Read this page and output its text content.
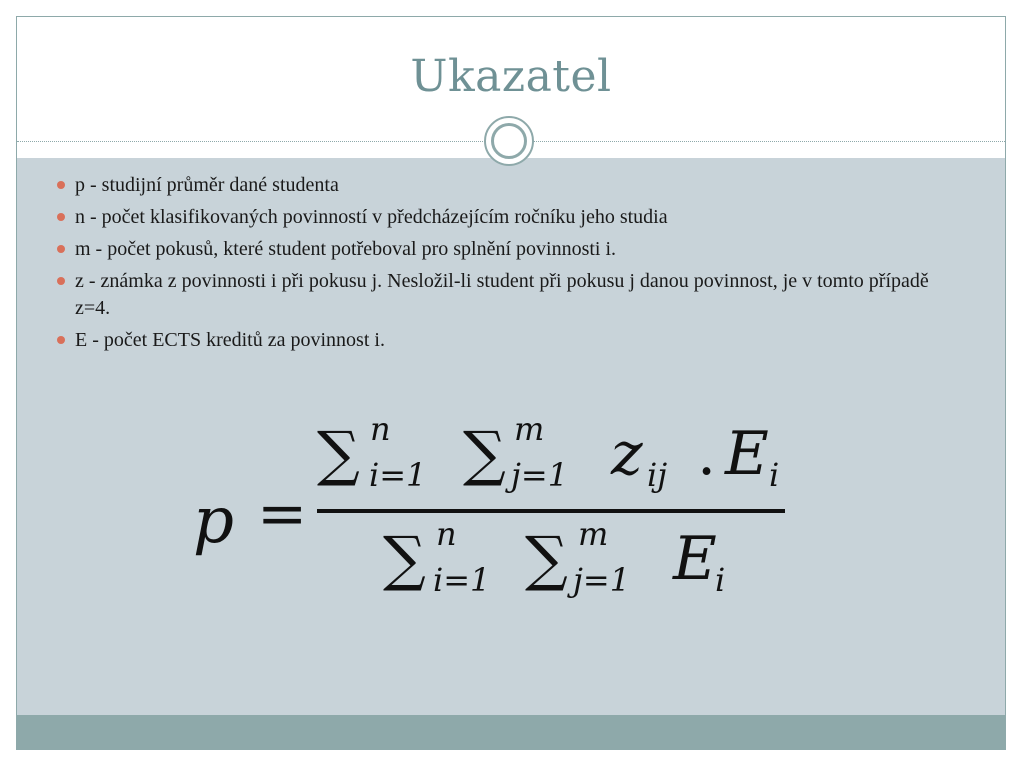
Ukazatel
p - studijní průměr dané studenta
n - počet klasifikovaných povinností v předcházejícím ročníku jeho studia
m - počet pokusů, které student potřeboval pro splnění povinnosti i.
z - známka z povinnosti i při pokusu j. Nesložil-li student při pokusu j danou povinnost, je v tomto případě z=4.
E - počet ECTS kreditů za povinnost i.
p =
∑ n
i=1 ∑ m
j=1 z ij . E i
∑ n
i=1 ∑ m
j=1 E
i
